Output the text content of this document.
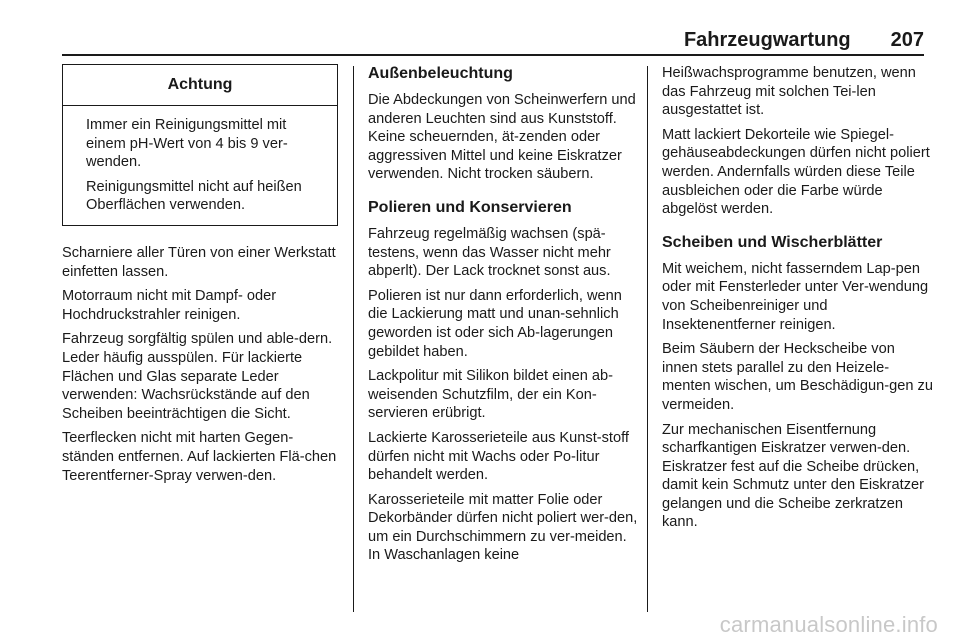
Fahrzeugwartung 207
Achtung

Immer ein Reinigungsmittel mit einem pH-Wert von 4 bis 9 ver-wenden.

Reinigungsmittel nicht auf heißen Oberflächen verwenden.

Scharniere aller Türen von einer Werkstatt einfetten lassen.

Motorraum nicht mit Dampf- oder Hochdruckstrahler reinigen.

Fahrzeug sorgfältig spülen und able-dern. Leder häufig ausspülen. Für lackierte Flächen und Glas separate Leder verwenden: Wachsrückstände auf den Scheiben beeinträchtigen die Sicht.

Teerflecken nicht mit harten Gegen-ständen entfernen. Auf lackierten Flä-chen Teerentferner-Spray verwen-den.

Außenbeleuchtung

Die Abdeckungen von Scheinwerfern und anderen Leuchten sind aus Kunststoff. Keine scheuernden, ät-zenden oder aggressiven Mittel und keine Eiskratzer verwenden. Nicht trocken säubern.

Polieren und Konservieren

Fahrzeug regelmäßig wachsen (spä-testens, wenn das Wasser nicht mehr abperlt). Der Lack trocknet sonst aus.

Polieren ist nur dann erforderlich, wenn die Lackierung matt und unan-sehnlich geworden ist oder sich Ab-lagerungen gebildet haben.

Lackpolitur mit Silikon bildet einen ab-weisenden Schutzfilm, der ein Kon-servieren erübrigt.

Lackierte Karosserieteile aus Kunst-stoff dürfen nicht mit Wachs oder Po-litur behandelt werden.

Karosserieteile mit matter Folie oder Dekorbänder dürfen nicht poliert wer-den, um ein Durchschimmern zu ver-meiden. In Waschanlagen keine

Heißwachsprogramme benutzen, wenn das Fahrzeug mit solchen Tei-len ausgestattet ist.

Matt lackiert Dekorteile wie Spiegel-gehäuseabdeckungen dürfen nicht poliert werden. Andernfalls würden diese Teile ausbleichen oder die Farbe würde abgelöst werden.

Scheiben und Wischerblätter

Mit weichem, nicht fasserndem Lap-pen oder mit Fensterleder unter Ver-wendung von Scheibenreiniger und Insektenentferner reinigen.

Beim Säubern der Heckscheibe von innen stets parallel zu den Heizele-menten wischen, um Beschädigun-gen zu vermeiden.

Zur mechanischen Eisentfernung scharfkantigen Eiskratzer verwen-den. Eiskratzer fest auf die Scheibe drücken, damit kein Schmutz unter den Eiskratzer gelangen und die Scheibe zerkratzen kann.

carmanualsonline.info
